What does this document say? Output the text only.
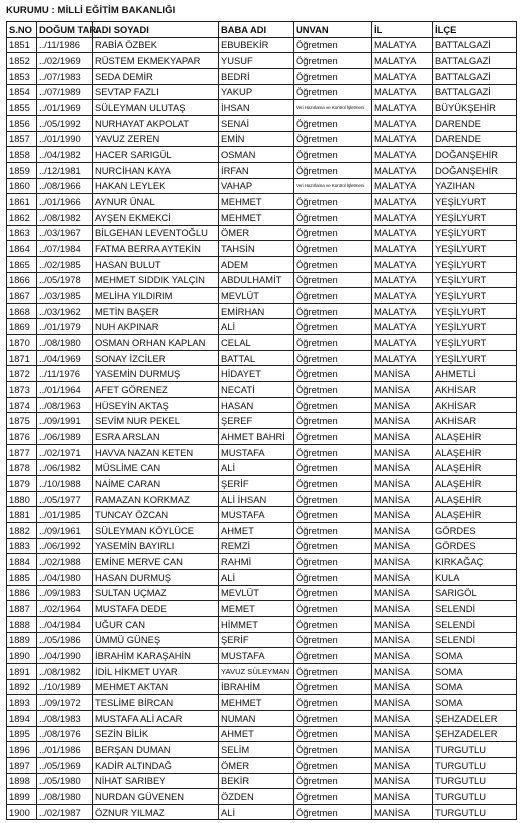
KURUMU : MİLLİ EĞİTİM BAKANLIĞI
S.NO	DOĞUM TAR.	ADI SOYADI	BABA ADI	UNVAN	İL	İLÇE
1851	../11/1986	RABİA ÖZBEK	EBUBEKİR	Öğretmen	MALATYA	BATTALGAZİ
1852	../02/1969	RÜSTEM EKMEKYAPAR	YUSUF	Öğretmen	MALATYA	BATTALGAZİ
1853	../07/1983	SEDA DEMİR	BEDRİ	Öğretmen	MALATYA	BATTALGAZİ
1854	../07/1989	SEVTAP FAZLI	YAKUP	Öğretmen	MALATYA	BATTALGAZİ
1855	../01/1969	SÜLEYMAN ULUTAŞ	İHSAN	Veri Hazırlama ve Kontrol İşletmeni	MALATYA	BÜYÜKŞEHİR
1856	../05/1992	NURHAYAT AKPOLAT	SENAİ	Öğretmen	MALATYA	DARENDE
1857	../01/1990	YAVUZ ZEREN	EMİN	Öğretmen	MALATYA	DARENDE
1858	../04/1982	HACER SARIGÜL	OSMAN	Öğretmen	MALATYA	DOĞANŞEHİR
1859	../12/1981	NURCİHAN KAYA	İRFAN	Öğretmen	MALATYA	DOĞANŞEHİR
1860	../08/1966	HAKAN LEYLEK	VAHAP	Veri Hazırlama ve Kontrol İşletmeni	MALATYA	YAZIHAN
1861	../01/1966	AYNUR ÜNAL	MEHMET	Öğretmen	MALATYA	YEŞİLYURT
1862	../08/1982	AYŞEN EKMEKCİ	MEHMET	Öğretmen	MALATYA	YEŞİLYURT
1863	../03/1967	BİLGEHAN LEVENTOĞLU	ÖMER	Öğretmen	MALATYA	YEŞİLYURT
1864	../07/1984	FATMA BERRA AYTEKİN	TAHSİN	Öğretmen	MALATYA	YEŞİLYURT
1865	../02/1985	HASAN BULUT	ADEM	Öğretmen	MALATYA	YEŞİLYURT
1866	../05/1978	MEHMET SIDDIK YALÇIN	ABDULHAMİT	Öğretmen	MALATYA	YEŞİLYURT
1867	../03/1985	MELİHA YILDIRIM	MEVLÜT	Öğretmen	MALATYA	YEŞİLYURT
1868	../03/1962	METİN BAŞER	EMİRHAN	Öğretmen	MALATYA	YEŞİLYURT
1869	../01/1979	NUH AKPINAR	ALİ	Öğretmen	MALATYA	YEŞİLYURT
1870	../08/1980	OSMAN ORHAN KAPLAN	CELAL	Öğretmen	MALATYA	YEŞİLYURT
1871	../04/1969	SONAY İZCİLER	BATTAL	Öğretmen	MALATYA	YEŞİLYURT
1872	../11/1976	YASEMİN DURMUŞ	HİDAYET	Öğretmen	MANİSA	AHMETLİ
1873	../01/1964	AFET GÖRENEZ	NECATİ	Öğretmen	MANİSA	AKHİSAR
1874	../08/1963	HÜSEYİN AKTAŞ	HASAN	Öğretmen	MANİSA	AKHİSAR
1875	../09/1991	SEVİM NUR PEKEL	ŞEREF	Öğretmen	MANİSA	AKHİSAR
1876	../06/1989	ESRA ARSLAN	AHMET BAHRİ	Öğretmen	MANİSA	ALAŞEHİR
1877	../02/1971	HAVVA NAZAN KETEN	MUSTAFA	Öğretmen	MANİSA	ALAŞEHİR
1878	../06/1982	MÜSLİME CAN	ALİ	Öğretmen	MANİSA	ALAŞEHİR
1879	../10/1988	NAİME CARAN	ŞERİF	Öğretmen	MANİSA	ALAŞEHİR
1880	../05/1977	RAMAZAN KORKMAZ	ALİ İHSAN	Öğretmen	MANİSA	ALAŞEHİR
1881	../01/1985	TUNCAY ÖZCAN	MUSTAFA	Öğretmen	MANİSA	ALAŞEHİR
1882	../09/1961	SÜLEYMAN KÖYLÜCE	AHMET	Öğretmen	MANİSA	GÖRDES
1883	../06/1992	YASEMİN BAYIRLI	REMZİ	Öğretmen	MANİSA	GÖRDES
1884	../02/1988	EMİNE MERVE CAN	RAHMİ	Öğretmen	MANİSA	KIRKAĞAÇ
1885	../04/1980	HASAN DURMUŞ	ALİ	Öğretmen	MANİSA	KULA
1886	../09/1983	SULTAN UÇMAZ	MEVLÜT	Öğretmen	MANİSA	SARIGÖL
1887	../02/1964	MUSTAFA DEDE	MEMET	Öğretmen	MANİSA	SELENDİ
1888	../04/1984	UĞUR CAN	HİMMET	Öğretmen	MANİSA	SELENDİ
1889	../05/1986	ÜMMÜ GÜNEŞ	ŞERİF	Öğretmen	MANİSA	SELENDİ
1890	../04/1990	İBRAHİM KARAŞAHİN	MUSTAFA	Öğretmen	MANİSA	SOMA
1891	../08/1982	İDİL HİKMET UYAR	YAVUZ SÜLEYMAN	Öğretmen	MANİSA	SOMA
1892	../10/1989	MEHMET AKTAN	İBRAHİM	Öğretmen	MANİSA	SOMA
1893	../09/1972	TESLİME BİRCAN	MEHMET	Öğretmen	MANİSA	SOMA
1894	../08/1983	MUSTAFA ALİ ACAR	NUMAN	Öğretmen	MANİSA	ŞEHZADELER
1895	../08/1976	SEZİN BİLİK	AHMET	Öğretmen	MANİSA	ŞEHZADELER
1896	../01/1986	BERŞAN DUMAN	SELİM	Öğretmen	MANİSA	TURGUTLU
1897	../05/1969	KADİR ALTINDAĞ	ÖMER	Öğretmen	MANİSA	TURGUTLU
1898	../05/1980	NİHAT SARIBEY	BEKİR	Öğretmen	MANİSA	TURGUTLU
1899	../08/1980	NURDAN GÜVENEN	ÖZDEN	Öğretmen	MANİSA	TURGUTLU
1900	../02/1987	ÖZNUR YILMAZ	ALİ	Öğretmen	MANİSA	TURGUTLU
